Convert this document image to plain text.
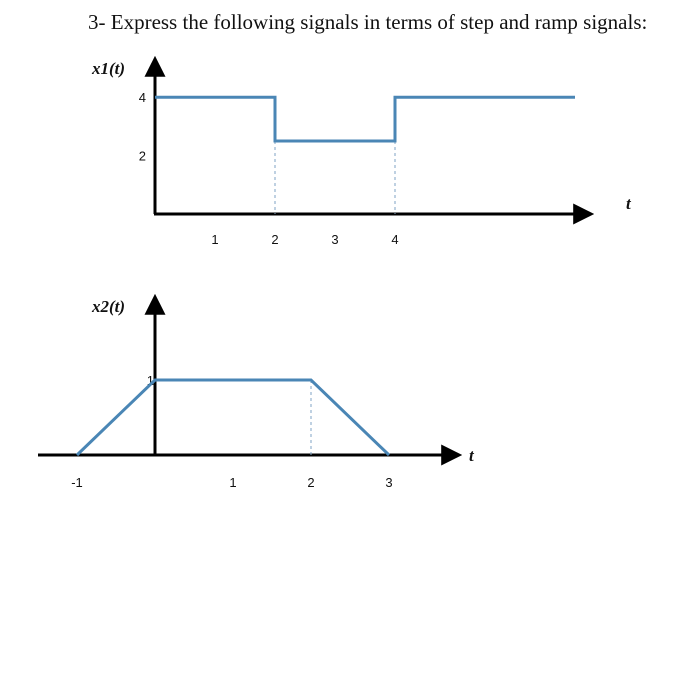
3- Express the following signals in terms of step and ramp signals:
x1(t)
t
1	2	3	4
4
2
x2(t)
t
-1	1	2	3
1
